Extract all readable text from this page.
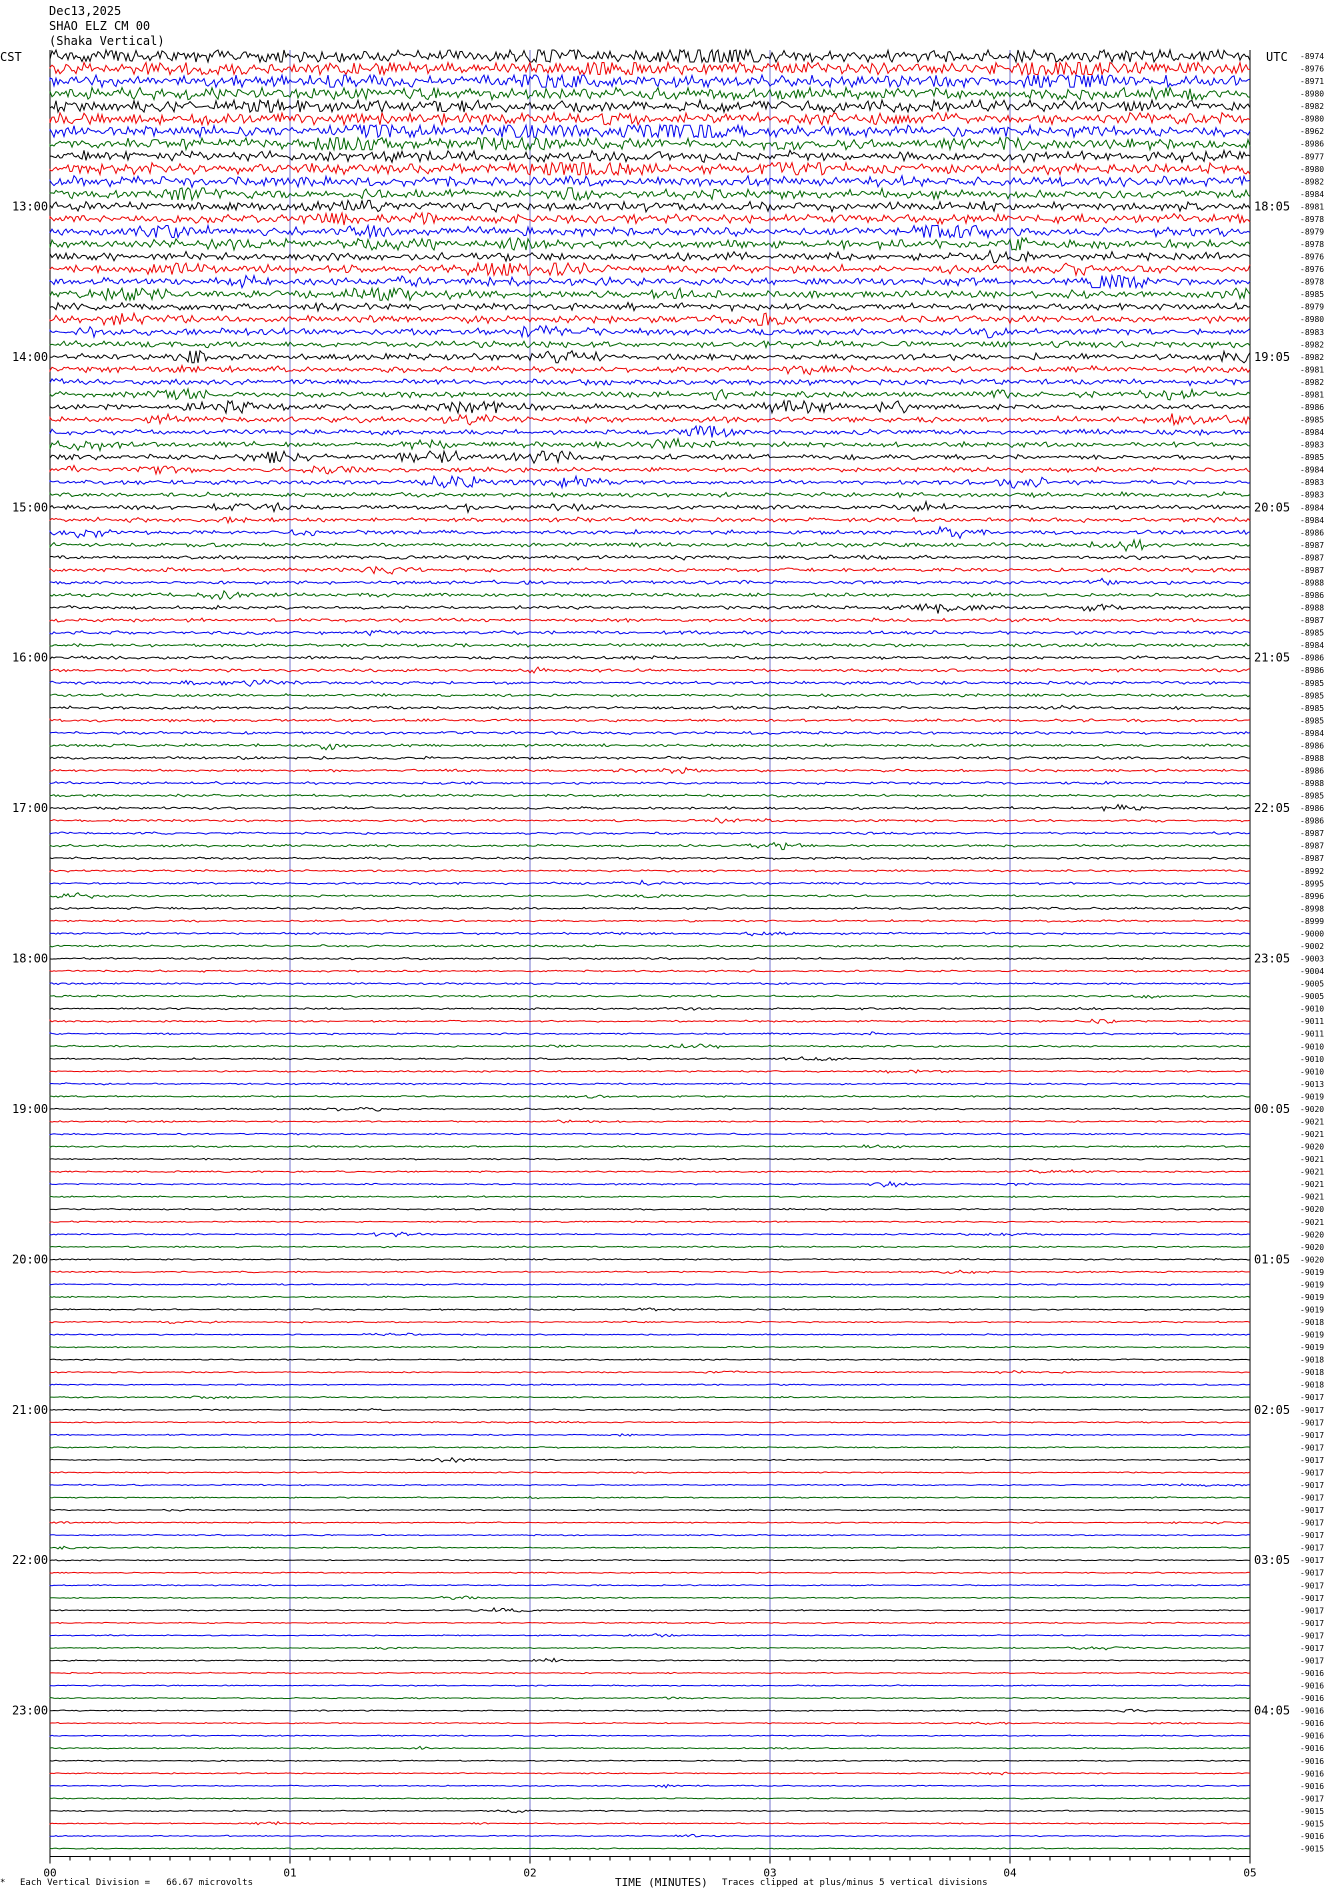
Dec13,2025
SHAO ELZ CM 00
(Shaka Vertical)
CST	UTC
00	01	02	03	04	05
-8974
-8976
-8971
-8980
-8982
-8980
-8962
-8986
-8977
-8980
-8982
-8984
-8981
-8978
-8979
-8978
-8976
-8976
-8978
-8985
-8979
-8980
-8983
-8982
-8982
-8981
-8982
-8981
-8986
-8985
-8984
-8983
-8985
-8984
-8983
-8983
-8984
-8984
-8986
-8987
-8987
-8987
-8988
-8986
-8988
-8987
-8985
-8984
-8986
-8986
-8985
-8985
-8985
-8985
-8984
-8986
-8988
-8986
-8988
-8985
-8986
-8986
-8987
-8987
-8987
-8992
-8995
-8996
-8998
-8999
-9000
-9002
-9003
-9004
-9005
-9005
-9010
-9011
-9011
-9010
-9010
-9010
-9013
-9019
-9020
-9021
-9021
-9020
-9021
-9021
-9021
-9021
-9020
-9021
-9020
-9020
-9020
-9019
-9019
-9019
-9019
-9018
-9019
-9019
-9018
-9018
-9018
-9017
-9017
-9017
-9017
-9017
-9017
-9017
-9017
-9017
-9017
-9017
-9017
-9017
-9017
-9017
-9017
-9017
-9017
-9017
-9017
-9017
-9017
-9016
-9016
-9016
-9016
-9016
-9016
-9016
-9016
-9016
-9016
-9017
-9015
-9015
-9016
-9015
13:00	18:05
14:00	19:05
15:00	20:05
16:00	21:05
17:00	22:05
18:00	23:05
19:00	00:05
20:00	01:05
21:00	02:05
22:00	03:05
23:00	04:05
* Each Vertical Division =   66.67 microvolts	TIME (MINUTES) Traces clipped at plus/minus 5 vertical divisions
